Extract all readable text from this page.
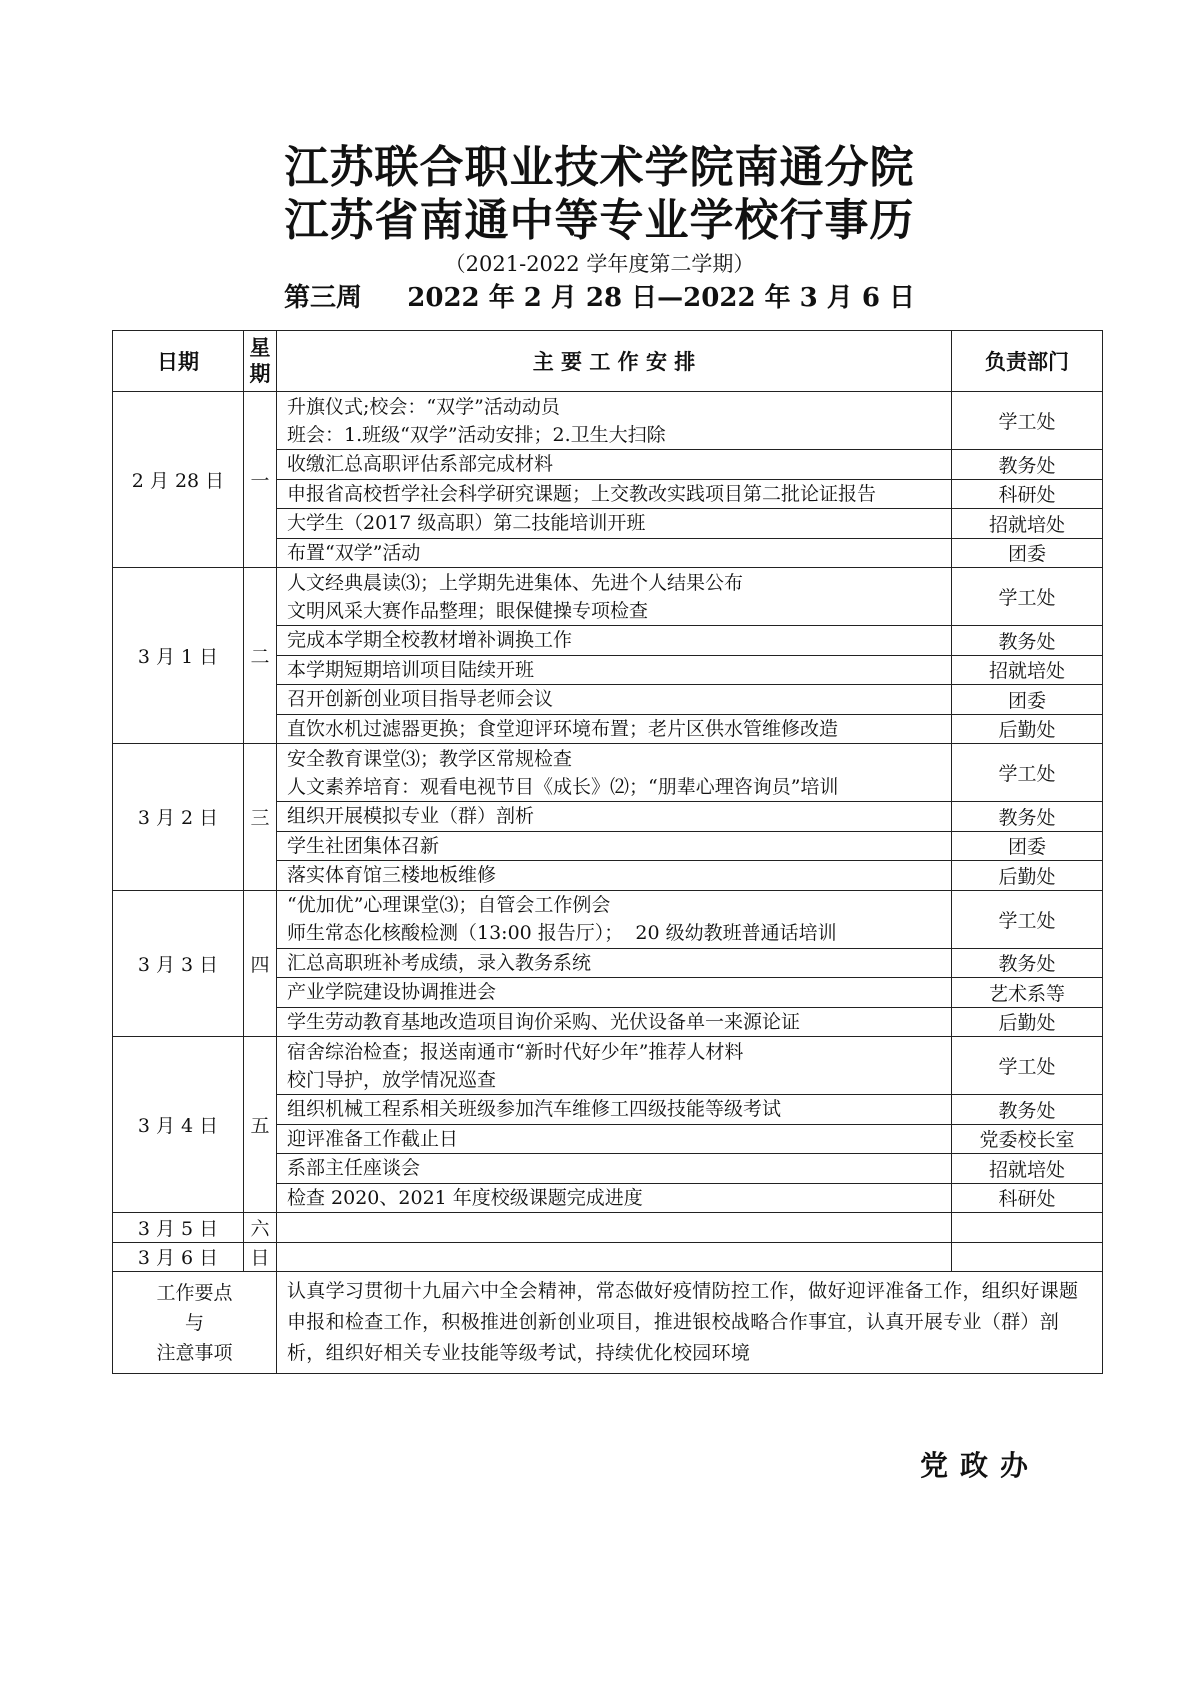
江苏联合职业技术学院南通分院
江苏省南通中等专业学校行事历
（2021-2022 学年度第二学期）
第三周     2022 年 2 月 28 日—2022 年 3 月 6 日
日期	星
期	主 要 工 作 安 排	负责部门
2 月 28 日	一	升旗仪式;校会：“双学”活动动员
班会：1.班级“双学”活动安排；2.卫生大扫除	学工处

		收缴汇总高职评估系部完成材料	教务处

		申报省高校哲学社会科学研究课题；上交教改实践项目第二批论证报告	科研处

		大学生（2017 级高职）第二技能培训开班	招就培处

		布置“双学”活动	团委
3 月 1 日	二	人文经典晨读⑶；上学期先进集体、先进个人结果公布
文明风采大赛作品整理；眼保健操专项检查	学工处

		完成本学期全校教材增补调换工作	教务处

		本学期短期培训项目陆续开班	招就培处

		召开创新创业项目指导老师会议	团委

		直饮水机过滤器更换；食堂迎评环境布置；老片区供水管维修改造	后勤处
3 月 2 日	三	安全教育课堂⑶；教学区常规检查
人文素养培育：观看电视节目《成长》⑵；“朋辈心理咨询员”培训	学工处

		组织开展模拟专业（群）剖析	教务处

		学生社团集体召新	团委

		落实体育馆三楼地板维修	后勤处
3 月 3 日	四	“优加优”心理课堂⑶；自管会工作例会
师生常态化核酸检测（13:00 报告厅）；  20 级幼教班普通话培训	学工处

		汇总高职班补考成绩，录入教务系统	教务处

		产业学院建设协调推进会	艺术系等

		学生劳动教育基地改造项目询价采购、光伏设备单一来源论证	后勤处
3 月 4 日	五	宿舍综治检查；报送南通市“新时代好少年”推荐人材料
校门导护，放学情况巡查	学工处

		组织机械工程系相关班级参加汽车维修工四级技能等级考试	教务处

		迎评准备工作截止日	党委校长室

		系部主任座谈会	招就培处

		检查 2020、2021 年度校级课题完成进度	科研处
3 月 5 日	六	

3 月 6 日	日	

工作要点
与
注意事项		认真学习贯彻十九届六中全会精神，常态做好疫情防控工作，做好迎评准备工作，组织好课题申报和检查工作，积极推进创新创业项目，推进银校战略合作事宜，认真开展专业（群）剖析，组织好相关专业技能等级考试，持续优化校园环境	
党政办
